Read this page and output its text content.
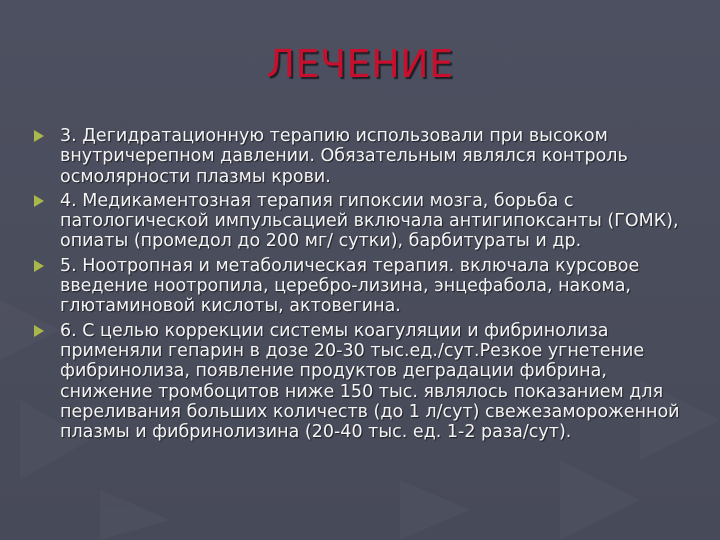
ЛЕЧЕНИЕ
3. Дегидратационную терапию использовали при высоком внутричерепном давлении. Обязательным являлся контроль осмолярности плазмы крови.
4. Медикаментозная терапия гипоксии мозга, борьба с патологической импульсацией включала антигипоксанты (ГОМК), опиаты (промедол до 200 мг/ сутки), барбитураты и др.
5. Ноотропная и метаболическая терапия. включала курсовое введение ноотропила, церебро-лизина, энцефабола, накома, глютаминовой кислоты, актовегина.
6. С целью коррекции системы коагуляции и фибринолиза применяли гепарин в дозе 20-30 тыс.ед./сут.Резкое угнетение фибринолиза, появление продуктов деградации фибрина, снижение тромбоцитов ниже 150 тыс. являлось показанием для переливания больших количеств (до 1 л/сут) свежезамороженной плазмы и фибринолизина (20-40 тыс. ед. 1-2 раза/сут).
